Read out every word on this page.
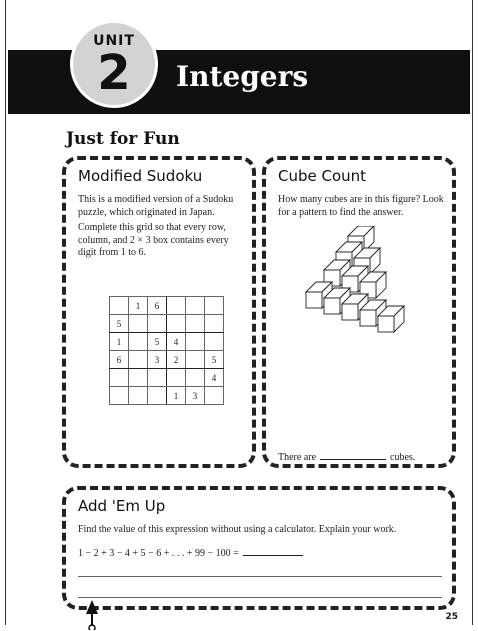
UNIT
2	Integers
Just for Fun
Modified Sudoku
This is a modified version of a Sudoku puzzle, which originated in Japan.
Complete this grid so that every row, column, and 2 × 3 box contains every digit from 1 to 6.
	1	6			
5					
1		5	4		
6		3	2		5
					4
			1	3	
Cube Count
How many cubes are in this figure? Look for a pattern to find the answer.
There are	cubes.
Add 'Em Up
Find the value of this expression without using a calculator. Explain your work.
1 − 2 + 3 − 4 + 5 − 6 + . . . + 99 − 100 =
25
